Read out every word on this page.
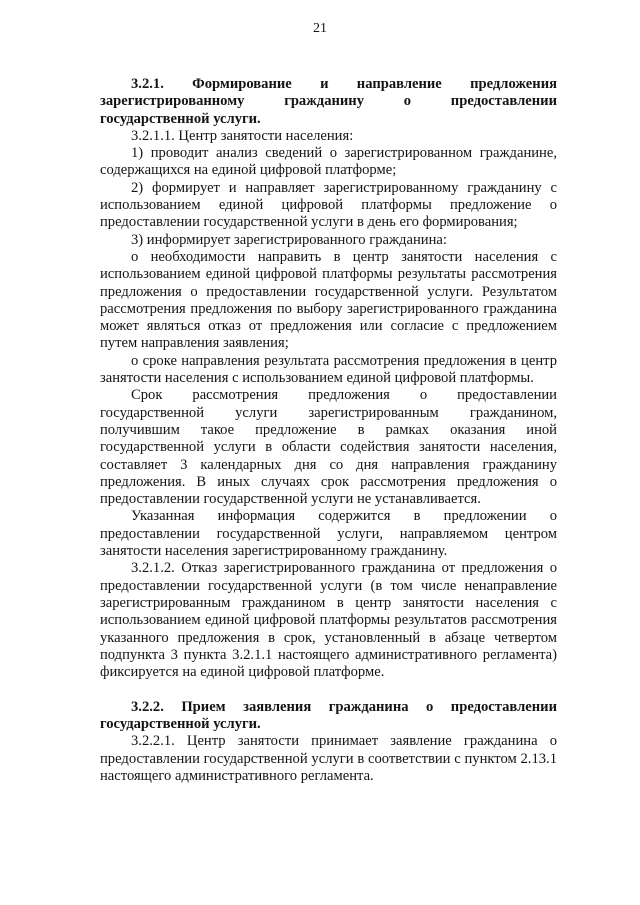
21

3.2.1. Формирование и направление предложения зарегистрированному гражданину о предоставлении государственной услуги.

3.2.1.1. Центр занятости населения:

1) проводит анализ сведений о зарегистрированном гражданине, содержащихся на единой цифровой платформе;

2) формирует и направляет зарегистрированному гражданину с использованием единой цифровой платформы предложение о предоставлении государственной услуги в день его формирования;

3) информирует зарегистрированного гражданина:

о необходимости направить в центр занятости населения с использованием единой цифровой платформы результаты рассмотрения предложения о предоставлении государственной услуги. Результатом рассмотрения предложения по выбору зарегистрированного гражданина может являться отказ от предложения или согласие с предложением путем направления заявления;

о сроке направления результата рассмотрения предложения в центр занятости населения с использованием единой цифровой платформы.

Срок рассмотрения предложения о предоставлении государственной услуги зарегистрированным гражданином, получившим такое предложение в рамках оказания иной государственной услуги в области содействия занятости населения, составляет 3 календарных дня со дня направления гражданину предложения. В иных случаях срок рассмотрения предложения о предоставлении государственной услуги не устанавливается.

Указанная информация содержится в предложении о предоставлении государственной услуги, направляемом центром занятости населения зарегистрированному гражданину.

3.2.1.2. Отказ зарегистрированного гражданина от предложения о предоставлении государственной услуги (в том числе ненаправление зарегистрированным гражданином в центр занятости населения с использованием единой цифровой платформы результатов рассмотрения указанного предложения в срок, установленный в абзаце четвертом подпункта 3 пункта 3.2.1.1 настоящего административного регламента) фиксируется на единой цифровой платформе.

3.2.2. Прием заявления гражданина о предоставлении государственной услуги.

3.2.2.1. Центр занятости принимает заявление гражданина о предоставлении государственной услуги в соответствии с пунктом 2.13.1 настоящего административного регламента.
